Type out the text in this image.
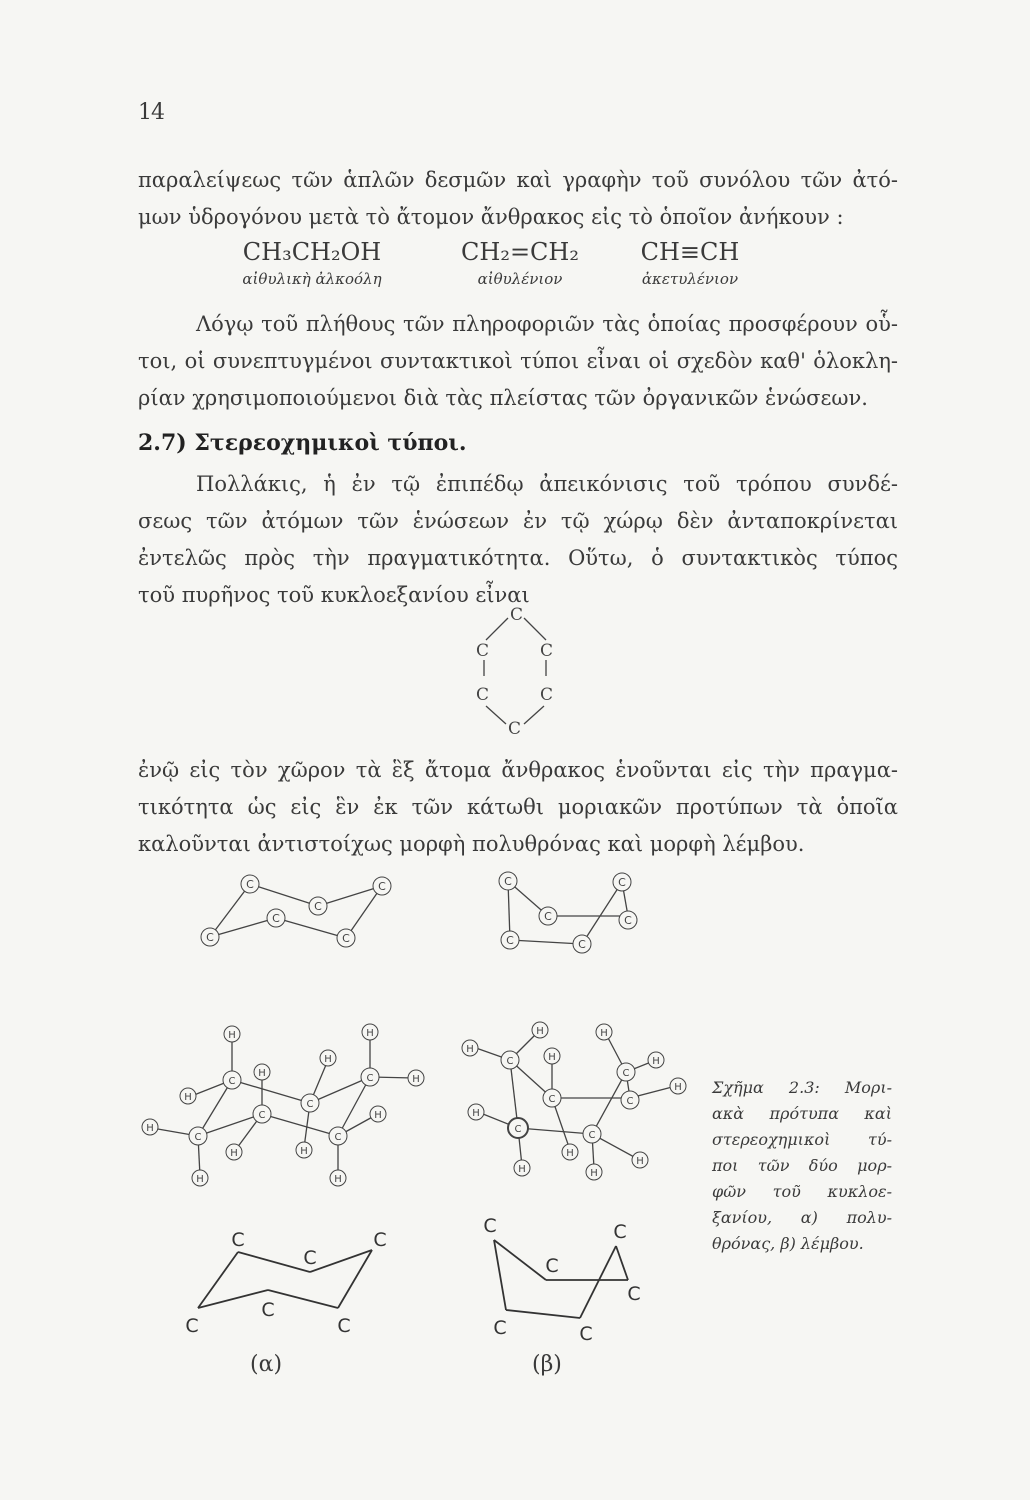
14
παραλείψεως τῶν ἁπλῶν δεσμῶν καὶ γραφὴν τοῦ συνόλου τῶν ἀτό-
μων ὑδρογόνου μετὰ τὸ ἄτομον ἄνθρακος εἰς τὸ ὁποῖον ἀνήκουν :
CH₃CH₂OH
αἰθυλικὴ ἀλκοόλη
CH₂=CH₂
αἰθυλένιον
CH≡CH
ἀκετυλένιον
Λόγῳ τοῦ πλήθους τῶν πληροφοριῶν τὰς ὁποίας προσφέρουν οὗ-
τοι, οἱ συνεπτυγμένοι συντακτικοὶ τύποι εἶναι οἱ σχεδὸν καθ' ὁλοκλη-
ρίαν χρησιμοποιούμενοι διὰ τὰς πλείστας τῶν ὀργανικῶν ἑνώσεων.
2.7) Στερεοχημικοὶ τύποι.
Πολλάκις, ἡ ἐν τῷ ἐπιπέδῳ ἀπεικόνισις τοῦ τρόπου συνδέ-
σεως τῶν ἀτόμων τῶν ἑνώσεων ἐν τῷ χώρῳ δὲν ἀνταποκρίνεται
ἐντελῶς πρὸς τὴν πραγματικότητα. Οὕτω, ὁ συντακτικὸς τύπος
τοῦ πυρῆνος τοῦ κυκλοεξανίου εἶναι
ἐνῷ εἰς τὸν χῶρον τὰ ἓξ ἄτομα ἄνθρακος ἑνοῦνται εἰς τὴν πραγμα-
τικότητα ὡς εἰς ἓν ἐκ τῶν κάτωθι μοριακῶν προτύπων τὰ ὁποῖα
καλοῦνται ἀντιστοίχως μορφὴ πολυθρόνας καὶ μορφὴ λέμβου.
C
C	C
C	C
C
C
C
C
C
C
C
C
C
C
C
C	C
C
C
C
C
C
C
H
H
H
H
H
H
H
H
H
H
H
H
C
C
C
C
C
C
H
H
H
H
H
H
H
H
H
H
H
C
C
C
C
C
C
C
C
C
C
C	C
Σχῆμα 2.3: Μορι-
ακὰ πρότυπα καὶ
στερεοχημικοὶ τύ-
ποι τῶν δύο μορ-
φῶν τοῦ κυκλοε-
ξανίου, α) πολυ-
θρόνας, β) λέμβου.
(α)	(β)
